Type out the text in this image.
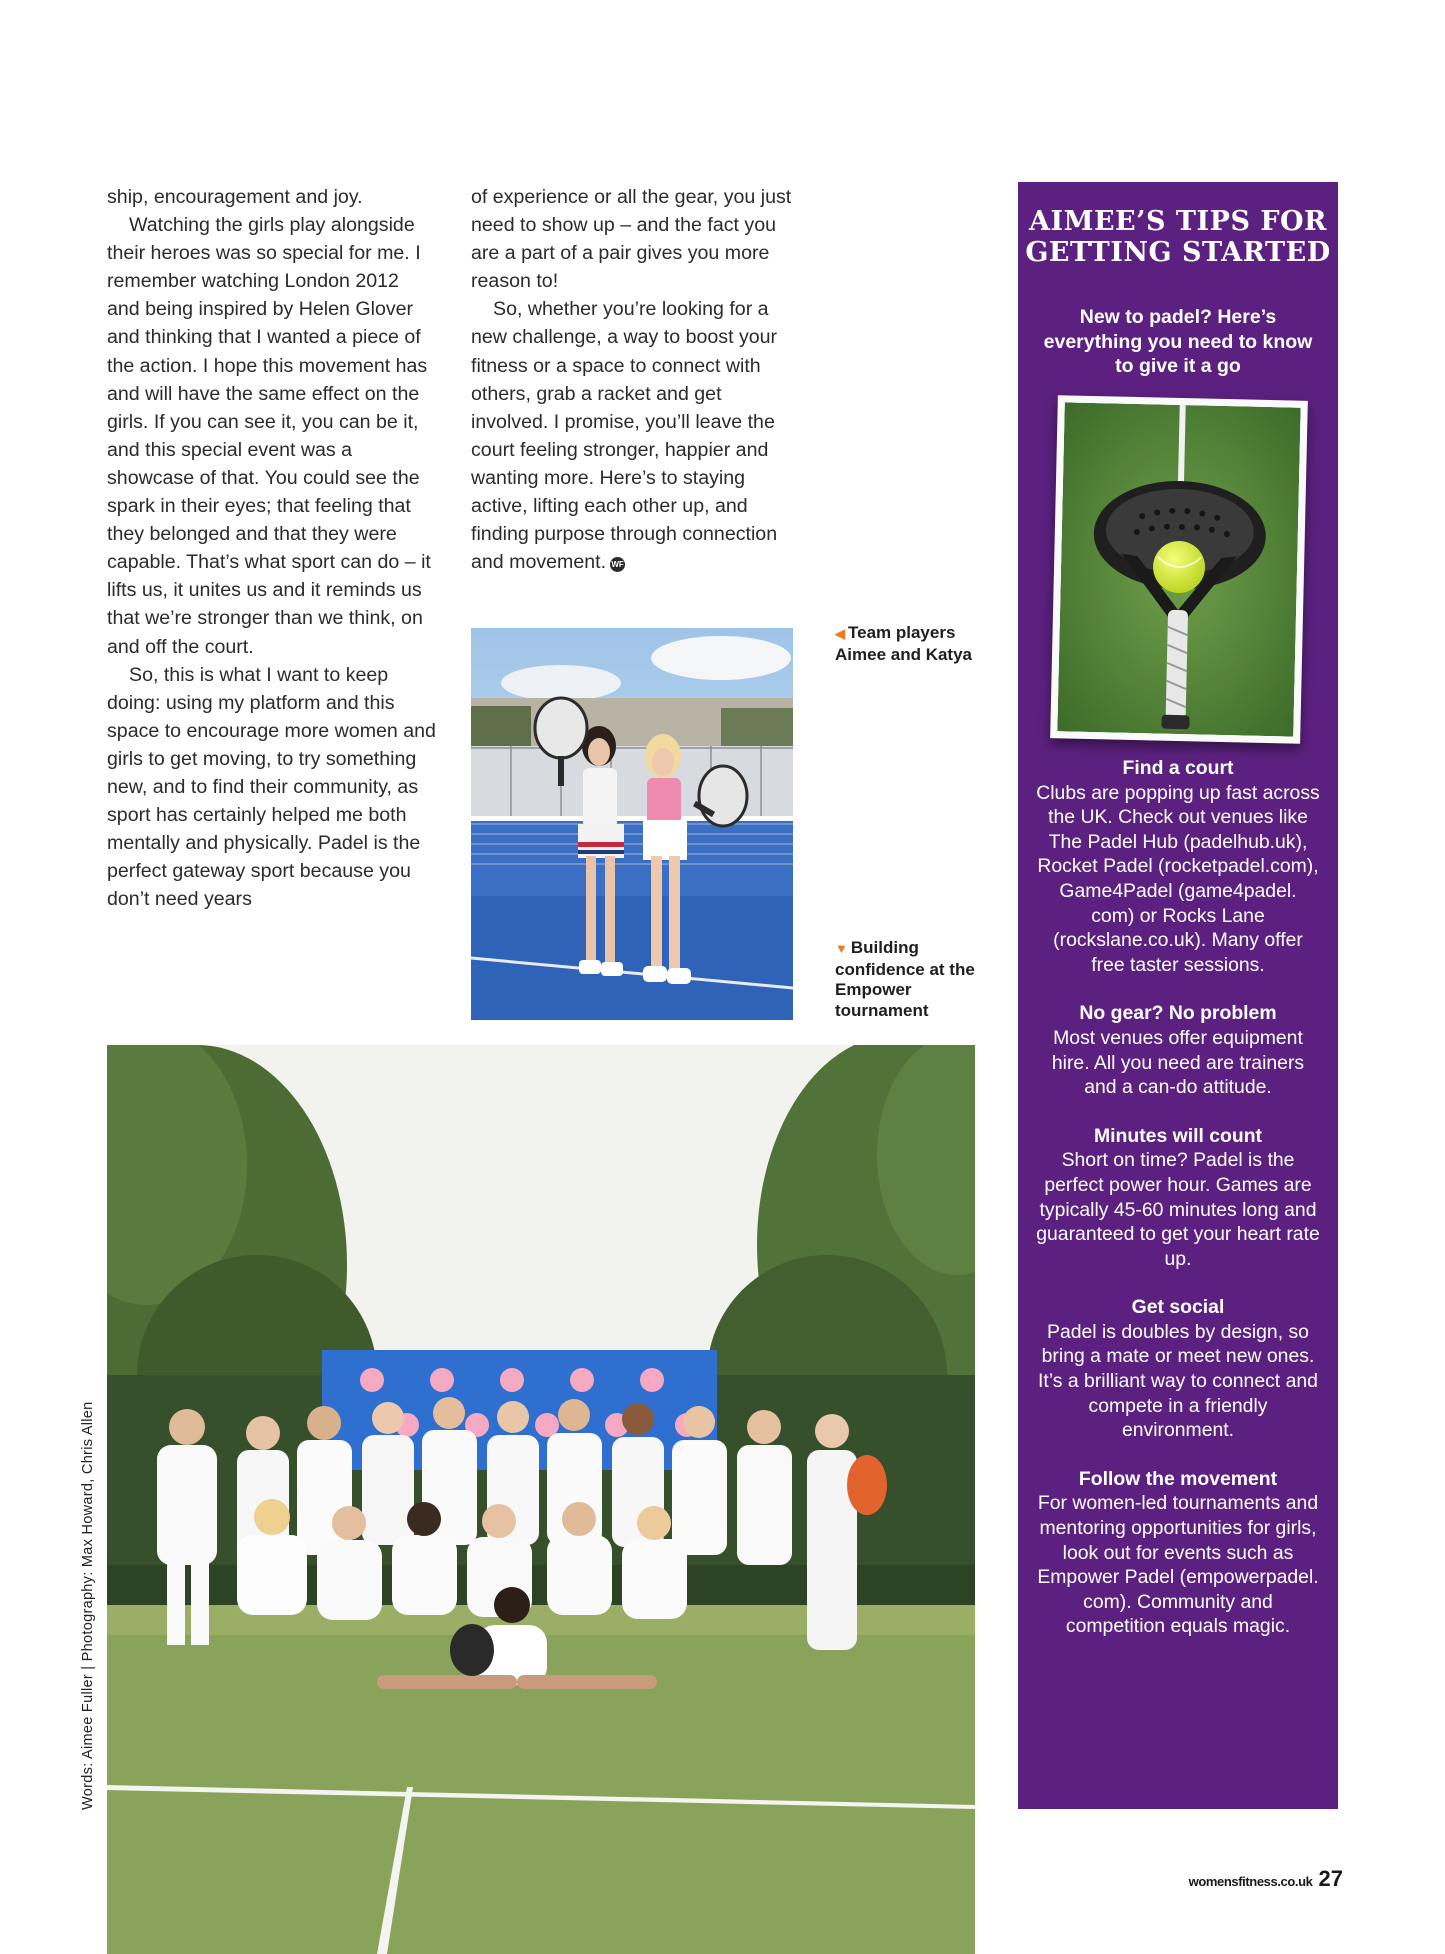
ship, encouragement and joy.

Watching the girls play alongside their heroes was so special for me. I remember watching London 2012 and being inspired by Helen Glover and thinking that I wanted a piece of the action. I hope this movement has and will have the same effect on the girls. If you can see it, you can be it, and this special event was a showcase of that. You could see the spark in their eyes; that feeling that they belonged and that they were capable. That’s what sport can do – it lifts us, it unites us and it reminds us that we’re stronger than we think, on and off the court.

So, this is what I want to keep doing: using my platform and this space to encourage more women and girls to get moving, to try something new, and to find their community, as sport has certainly helped me both mentally and physically. Padel is the perfect gateway sport because you don’t need years

of experience or all the gear, you just need to show up – and the fact you are a part of a pair gives you more reason to!

So, whether you’re looking for a new challenge, a way to boost your fitness or a space to connect with others, grab a racket and get involved. I promise, you’ll leave the court feeling stronger, happier and wanting more. Here’s to staying active, lifting each other up, and finding purpose through connection and movement. WF

◀ Team players Aimee and Katya
▼ Building confidence at the Empower tournament
Words: Aimee Fuller | Photography: Max Howard, Chris Allen
AIMEE’S TIPS FOR GETTING STARTED

New to padel? Here’s everything you need to know to give it a go

Find a court
Clubs are popping up fast across the UK. Check out venues like The Padel Hub (padelhub.uk), Rocket Padel (rocketpadel.com), Game4Padel (game4padel. com) or Rocks Lane (rockslane.co.uk). Many offer free taster sessions.

No gear? No problem
Most venues offer equipment hire. All you need are trainers and a can-do attitude.

Minutes will count
Short on time? Padel is the perfect power hour. Games are typically 45-60 minutes long and guaranteed to get your heart rate up.

Get social
Padel is doubles by design, so bring a mate or meet new ones. It’s a brilliant way to connect and compete in a friendly environment.

Follow the movement
For women-led tournaments and mentoring opportunities for girls, look out for events such as Empower Padel (empowerpadel. com). Community and competition equals magic.

womensfitness.co.uk 27
